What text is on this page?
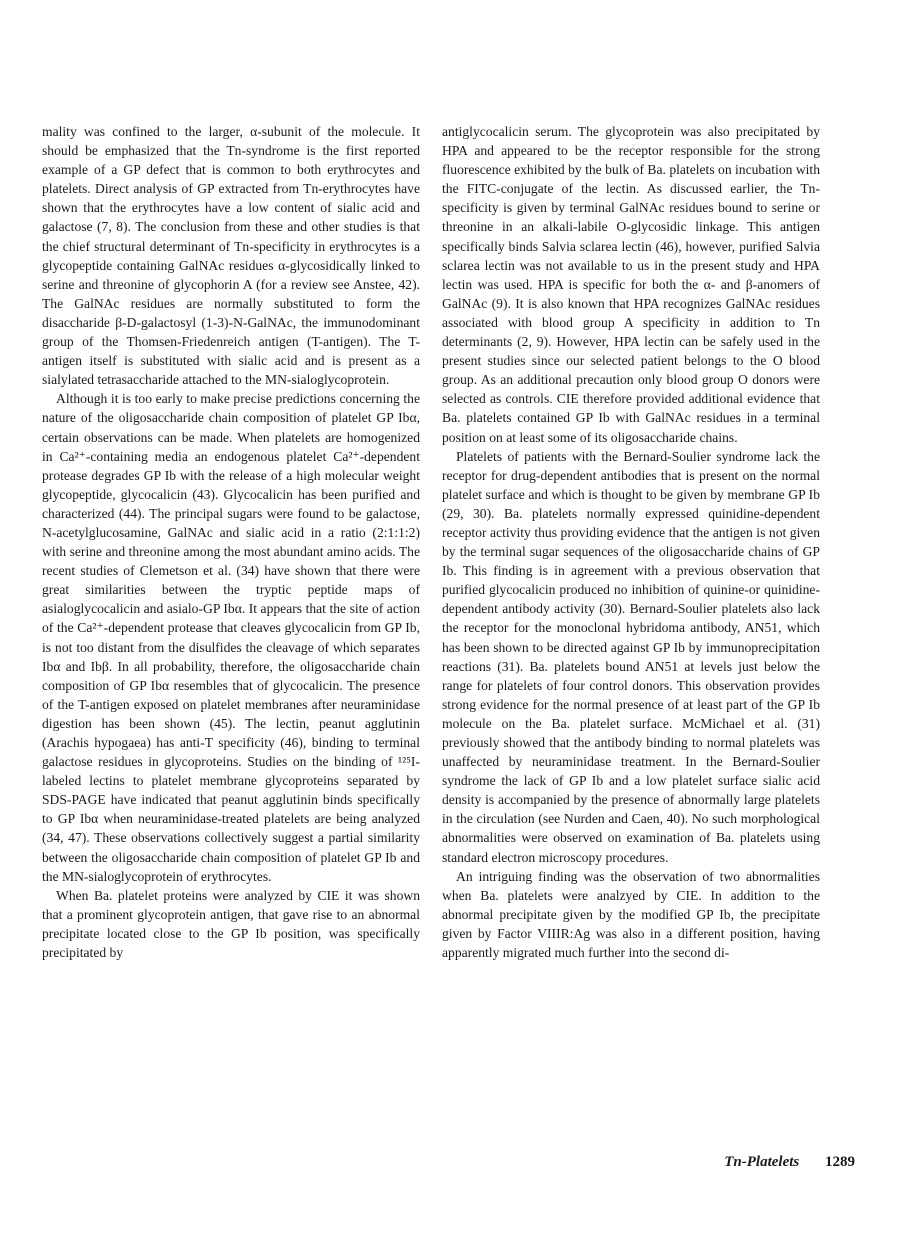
mality was confined to the larger, α-subunit of the molecule. It should be emphasized that the Tn-syndrome is the first reported example of a GP defect that is common to both erythrocytes and platelets. Direct analysis of GP extracted from Tn-erythrocytes have shown that the erythrocytes have a low content of sialic acid and galactose (7, 8). The conclusion from these and other studies is that the chief structural determinant of Tn-specificity in erythrocytes is a glycopeptide containing GalNAc residues α-glycosidically linked to serine and threonine of glycophorin A (for a review see Anstee, 42). The GalNAc residues are normally substituted to form the disaccharide β-D-galactosyl (1-3)-N-GalNAc, the immunodominant group of the Thomsen-Friedenreich antigen (T-antigen). The T-antigen itself is substituted with sialic acid and is present as a sialylated tetrasaccharide attached to the MN-sialoglycoprotein.

Although it is too early to make precise predictions concerning the nature of the oligosaccharide chain composition of platelet GP Ibα, certain observations can be made. When platelets are homogenized in Ca²⁺-containing media an endogenous platelet Ca²⁺-dependent protease degrades GP Ib with the release of a high molecular weight glycopeptide, glycocalicin (43). Glycocalicin has been purified and characterized (44). The principal sugars were found to be galactose, N-acetylglucosamine, GalNAc and sialic acid in a ratio (2:1:1:2) with serine and threonine among the most abundant amino acids. The recent studies of Clemetson et al. (34) have shown that there were great similarities between the tryptic peptide maps of asialoglycocalicin and asialo-GP Ibα. It appears that the site of action of the Ca²⁺-dependent protease that cleaves glycocalicin from GP Ib, is not too distant from the disulfides the cleavage of which separates Ibα and Ibβ. In all probability, therefore, the oligosaccharide chain composition of GP Ibα resembles that of glycocalicin. The presence of the T-antigen exposed on platelet membranes after neuraminidase digestion has been shown (45). The lectin, peanut agglutinin (Arachis hypogaea) has anti-T specificity (46), binding to terminal galactose residues in glycoproteins. Studies on the binding of ¹²⁵I-labeled lectins to platelet membrane glycoproteins separated by SDS-PAGE have indicated that peanut agglutinin binds specifically to GP Ibα when neuraminidase-treated platelets are being analyzed (34, 47). These observations collectively suggest a partial similarity between the oligosaccharide chain composition of platelet GP Ib and the MN-sialoglycoprotein of erythrocytes.

When Ba. platelet proteins were analyzed by CIE it was shown that a prominent glycoprotein antigen, that gave rise to an abnormal precipitate located close to the GP Ib position, was specifically precipitated by

antiglycocalicin serum. The glycoprotein was also precipitated by HPA and appeared to be the receptor responsible for the strong fluorescence exhibited by the bulk of Ba. platelets on incubation with the FITC-conjugate of the lectin. As discussed earlier, the Tn-specificity is given by terminal GalNAc residues bound to serine or threonine in an alkali-labile O-glycosidic linkage. This antigen specifically binds Salvia sclarea lectin (46), however, purified Salvia sclarea lectin was not available to us in the present study and HPA lectin was used. HPA is specific for both the α- and β-anomers of GalNAc (9). It is also known that HPA recognizes GalNAc residues associated with blood group A specificity in addition to Tn determinants (2, 9). However, HPA lectin can be safely used in the present studies since our selected patient belongs to the O blood group. As an additional precaution only blood group O donors were selected as controls. CIE therefore provided additional evidence that Ba. platelets contained GP Ib with GalNAc residues in a terminal position on at least some of its oligosaccharide chains.

Platelets of patients with the Bernard-Soulier syndrome lack the receptor for drug-dependent antibodies that is present on the normal platelet surface and which is thought to be given by membrane GP Ib (29, 30). Ba. platelets normally expressed quinidine-dependent receptor activity thus providing evidence that the antigen is not given by the terminal sugar sequences of the oligosaccharide chains of GP Ib. This finding is in agreement with a previous observation that purified glycocalicin produced no inhibition of quinine-or quinidine-dependent antibody activity (30). Bernard-Soulier platelets also lack the receptor for the monoclonal hybridoma antibody, AN51, which has been shown to be directed against GP Ib by immunoprecipitation reactions (31). Ba. platelets bound AN51 at levels just below the range for platelets of four control donors. This observation provides strong evidence for the normal presence of at least part of the GP Ib molecule on the Ba. platelet surface. McMichael et al. (31) previously showed that the antibody binding to normal platelets was unaffected by neuraminidase treatment. In the Bernard-Soulier syndrome the lack of GP Ib and a low platelet surface sialic acid density is accompanied by the presence of abnormally large platelets in the circulation (see Nurden and Caen, 40). No such morphological abnormalities were observed on examination of Ba. platelets using standard electron microscopy procedures.

An intriguing finding was the observation of two abnormalities when Ba. platelets were analzyed by CIE. In addition to the abnormal precipitate given by the modified GP Ib, the precipitate given by Factor VIIIR:Ag was also in a different position, having apparently migrated much further into the second di-

Tn-Platelets 1289
